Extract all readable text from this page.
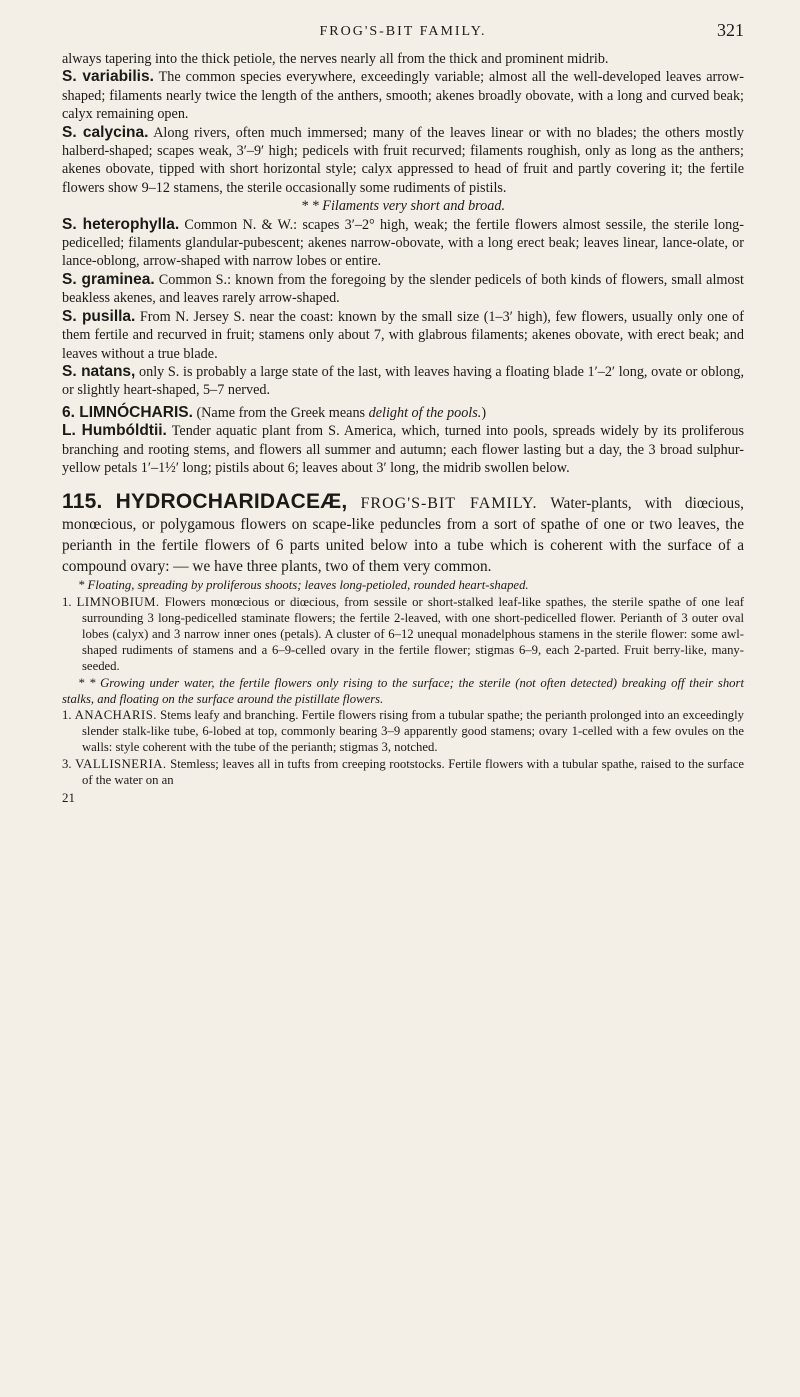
FROG'S-BIT FAMILY.	321

always tapering into the thick petiole, the nerves nearly all from the thick and prominent midrib.

S. variabilis. The common species everywhere, exceedingly variable; almost all the well-developed leaves arrow-shaped; filaments nearly twice the length of the anthers, smooth; akenes broadly obovate, with a long and curved beak; calyx remaining open.

S. calycina. Along rivers, often much immersed; many of the leaves linear or with no blades; the others mostly halberd-shaped; scapes weak, 3′–9′ high; pedicels with fruit recurved; filaments roughish, only as long as the anthers; akenes obovate, tipped with short horizontal style; calyx appressed to head of fruit and partly covering it; the fertile flowers show 9–12 stamens, the sterile occasionally some rudiments of pistils.

* * Filaments very short and broad.

S. heterophylla. Common N. & W.: scapes 3′–2° high, weak; the fertile flowers almost sessile, the sterile long-pedicelled; filaments glandular-pubescent; akenes narrow-obovate, with a long erect beak; leaves linear, lance-olate, or lance-oblong, arrow-shaped with narrow lobes or entire.

S. graminea. Common S.: known from the foregoing by the slender pedicels of both kinds of flowers, small almost beakless akenes, and leaves rarely arrow-shaped.

S. pusilla. From N. Jersey S. near the coast: known by the small size (1–3′ high), few flowers, usually only one of them fertile and recurved in fruit; stamens only about 7, with glabrous filaments; akenes obovate, with erect beak; and leaves without a true blade.

S. natans, only S. is probably a large state of the last, with leaves having a floating blade 1′–2′ long, ovate or oblong, or slightly heart-shaped, 5–7 nerved.

6. LIMNÓCHARIS. (Name from the Greek means delight of the pools.)

L. Humbóldtii. Tender aquatic plant from S. America, which, turned into pools, spreads widely by its proliferous branching and rooting stems, and flowers all summer and autumn; each flower lasting but a day, the 3 broad sulphur-yellow petals 1′–1½′ long; pistils about 6; leaves about 3′ long, the midrib swollen below.

115. HYDROCHARIDACEÆ, FROG'S-BIT FAMILY. Water-plants, with diœcious, monœcious, or polygamous flowers on scape-like peduncles from a sort of spathe of one or two leaves, the perianth in the fertile flowers of 6 parts united below into a tube which is coherent with the surface of a compound ovary: — we have three plants, two of them very common.

* Floating, spreading by proliferous shoots; leaves long-petioled, rounded heart-shaped.

1. LIMNOBIUM. Flowers monœcious or diœcious, from sessile or short-stalked leaf-like spathes, the sterile spathe of one leaf surrounding 3 long-pedicelled staminate flowers; the fertile 2-leaved, with one short-pedicelled flower. Perianth of 3 outer oval lobes (calyx) and 3 narrow inner ones (petals). A cluster of 6–12 unequal monadelphous stamens in the sterile flower: some awl-shaped rudiments of stamens and a 6–9-celled ovary in the fertile flower; stigmas 6–9, each 2-parted. Fruit berry-like, many-seeded.

* * Growing under water, the fertile flowers only rising to the surface; the sterile (not often detected) breaking off their short stalks, and floating on the surface around the pistillate flowers.

1. ANACHARIS. Stems leafy and branching. Fertile flowers rising from a tubular spathe; the perianth prolonged into an exceedingly slender stalk-like tube, 6-lobed at top, commonly bearing 3–9 apparently good stamens; ovary 1-celled with a few ovules on the walls: style coherent with the tube of the perianth; stigmas 3, notched.

3. VALLISNERIA. Stemless; leaves all in tufts from creeping rootstocks. Fertile flowers with a tubular spathe, raised to the surface of the water on an

21
